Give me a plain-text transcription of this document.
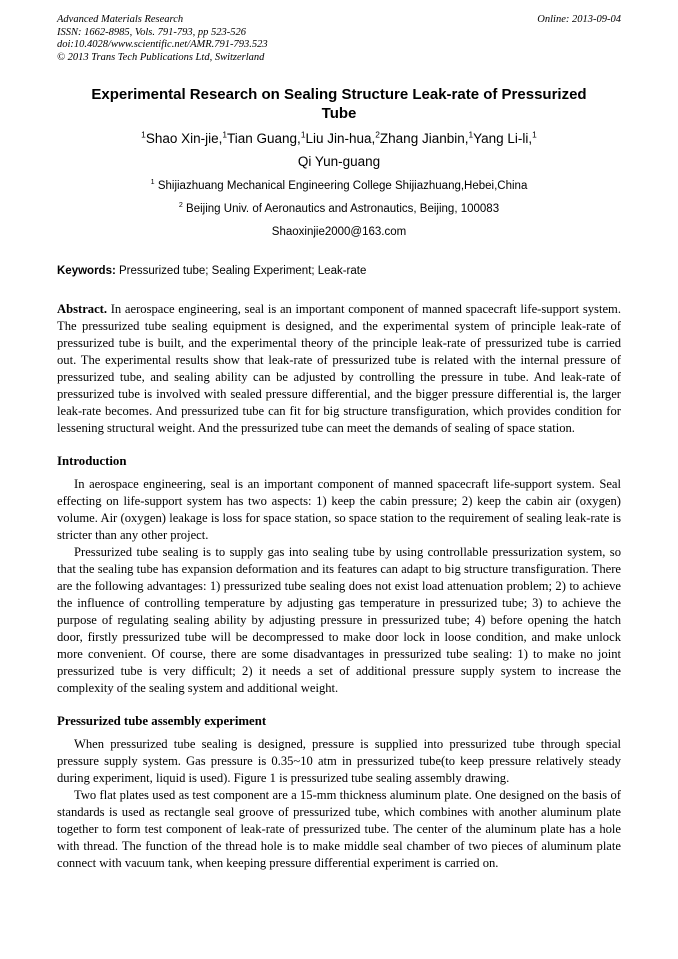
Advanced Materials Research	Online: 2013-09-04
ISSN: 1662-8985, Vols. 791-793, pp 523-526
doi:10.4028/www.scientific.net/AMR.791-793.523
© 2013 Trans Tech Publications Ltd, Switzerland
Experimental Research on Sealing Structure Leak-rate of Pressurized
Tube
$^1$Shao Xin-jie,$^1$Tian Guang,$^1$Liu Jin-hua,$^2$Zhang Jianbin,$^1$Yang Li-li,$^1$
Qi Yun-guang
$^1$ Shijiazhuang Mechanical Engineering College Shijiazhuang,Hebei,China
$^2$ Beijing Univ. of Aeronautics and Astronautics, Beijing, 100083
Shaoxinjie2000@163.com
Keywords: Pressurized tube; Sealing Experiment; Leak-rate

Abstract. In aerospace engineering, seal is an important component of manned spacecraft life-support system. The pressurized tube sealing equipment is designed, and the experimental system of principle leak-rate of pressurized tube is built, and the experimental theory of the principle leak-rate of pressurized tube is carried out. The experimental results show that leak-rate of pressurized tube is related with the internal pressure of pressurized tube, and sealing ability can be adjusted by controlling the pressure in tube. And leak-rate of pressurized tube is involved with sealed pressure differential, and the bigger pressure differential is, the larger leak-rate becomes. And pressurized tube can fit for big structure transfiguration, which provides condition for lessening structural weight. And the pressurized tube can meet the demands of sealing of space station.

Introduction

In aerospace engineering, seal is an important component of manned spacecraft life-support system. Seal effecting on life-support system has two aspects: 1) keep the cabin pressure; 2) keep the cabin air (oxygen) volume. Air (oxygen) leakage is loss for space station, so space station to the requirement of sealing leak-rate is stricter than any other project.

Pressurized tube sealing is to supply gas into sealing tube by using controllable pressurization system, so that the sealing tube has expansion deformation and its features can adapt to big structure transfiguration. There are the following advantages: 1) pressurized tube sealing does not exist load attenuation problem; 2) to achieve the influence of controlling temperature by adjusting gas temperature in pressurized tube; 3) to achieve the purpose of regulating sealing ability by adjusting pressure in pressurized tube; 4) before opening the hatch door, firstly pressurized tube will be decompressed to make door lock in loose condition, and make unlock more convenient. Of course, there are some disadvantages in pressurized tube sealing: 1) to make no joint pressurized tube is very difficult; 2) it needs a set of additional pressure supply system to increase the complexity of the sealing system and additional weight.

Pressurized tube assembly experiment

When pressurized tube sealing is designed, pressure is supplied into pressurized tube through special pressure supply system. Gas pressure is 0.35~10 atm in pressurized tube(to keep pressure relatively steady during experiment, liquid is used). Figure 1 is pressurized tube sealing assembly drawing.

Two flat plates used as test component are a 15-mm thickness aluminum plate. One designed on the basis of standards is used as rectangle seal groove of pressurized tube, which combines with another aluminum plate together to form test component of leak-rate of pressurized tube. The center of the aluminum plate has a hole with thread. The function of the thread hole is to make middle seal chamber of two pieces of aluminum plate connect with vacuum tank, when keeping pressure differential experiment is carried on.
